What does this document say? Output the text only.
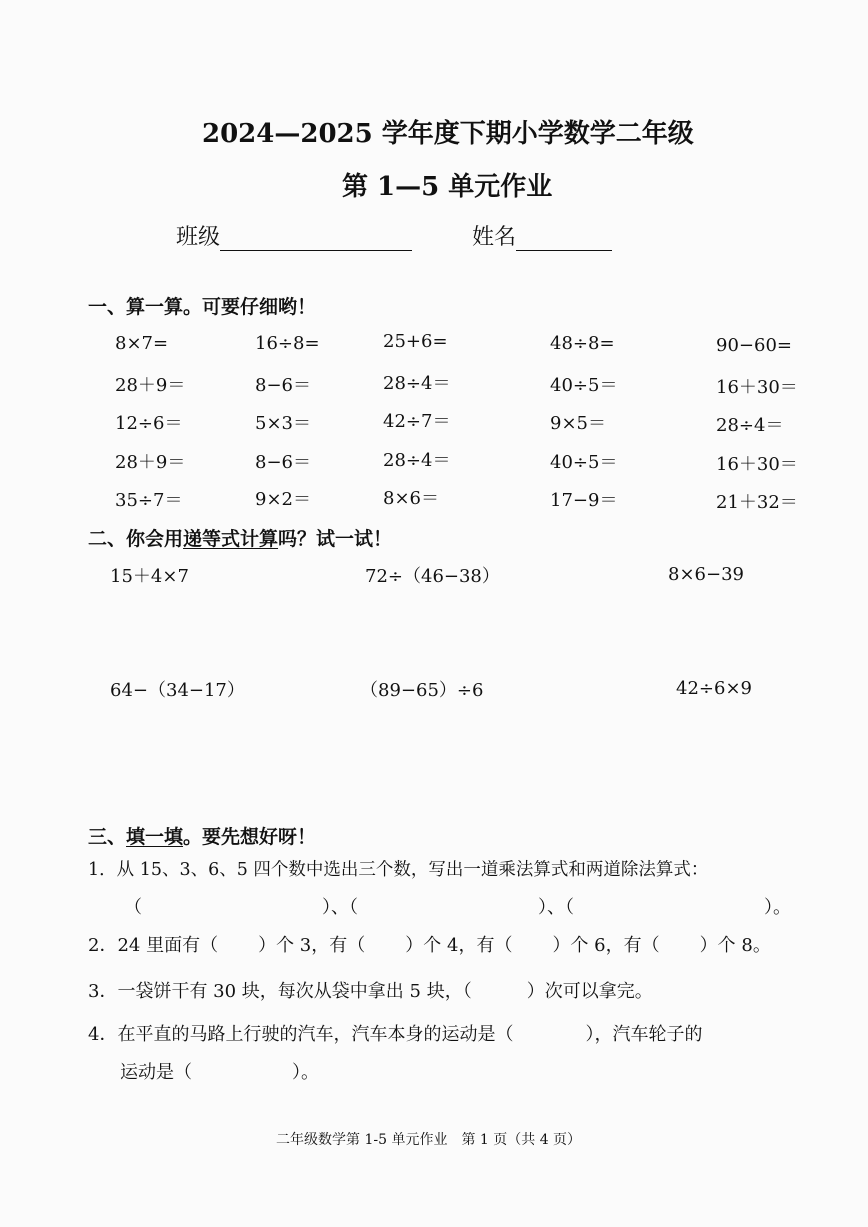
2024—2025 学年度下期小学数学二年级
第 1—5 单元作业
班级	姓名
一、算一算。可要仔细哟！
8×7=	16÷8=	25+6=	48÷8=	90−60=
28＋9＝	8−6＝	28÷4＝	40÷5＝	16＋30＝
12÷6＝	5×3＝	42÷7＝	9×5＝	28÷4＝
28＋9＝	8−6＝	28÷4＝	40÷5＝	16＋30＝
35÷7＝	9×2＝	8×6＝	17−9＝	21＋32＝
二、你会用递等式计算吗？试一试！
15＋4×7	72÷（46−38）	8×6−39
64−（34−17）	（89−65）÷6	42÷6×9
三、填一填。要先想好呀！
1．从 15、3、6、5 四个数中选出三个数，写出一道乘法算式和两道除法算式：
（	）、（	）、（	）。
2．24 里面有（ ）个 3，有（ ）个 4，有（ ）个 6，有（ ）个 8。
3．一袋饼干有 30 块，每次从袋中拿出 5 块，（	）次可以拿完。
4．在平直的马路上行驶的汽车，汽车本身的运动是（	），汽车轮子的
运动是（	）。
二年级数学第 1-5 单元作业　第 1 页（共 4 页）
